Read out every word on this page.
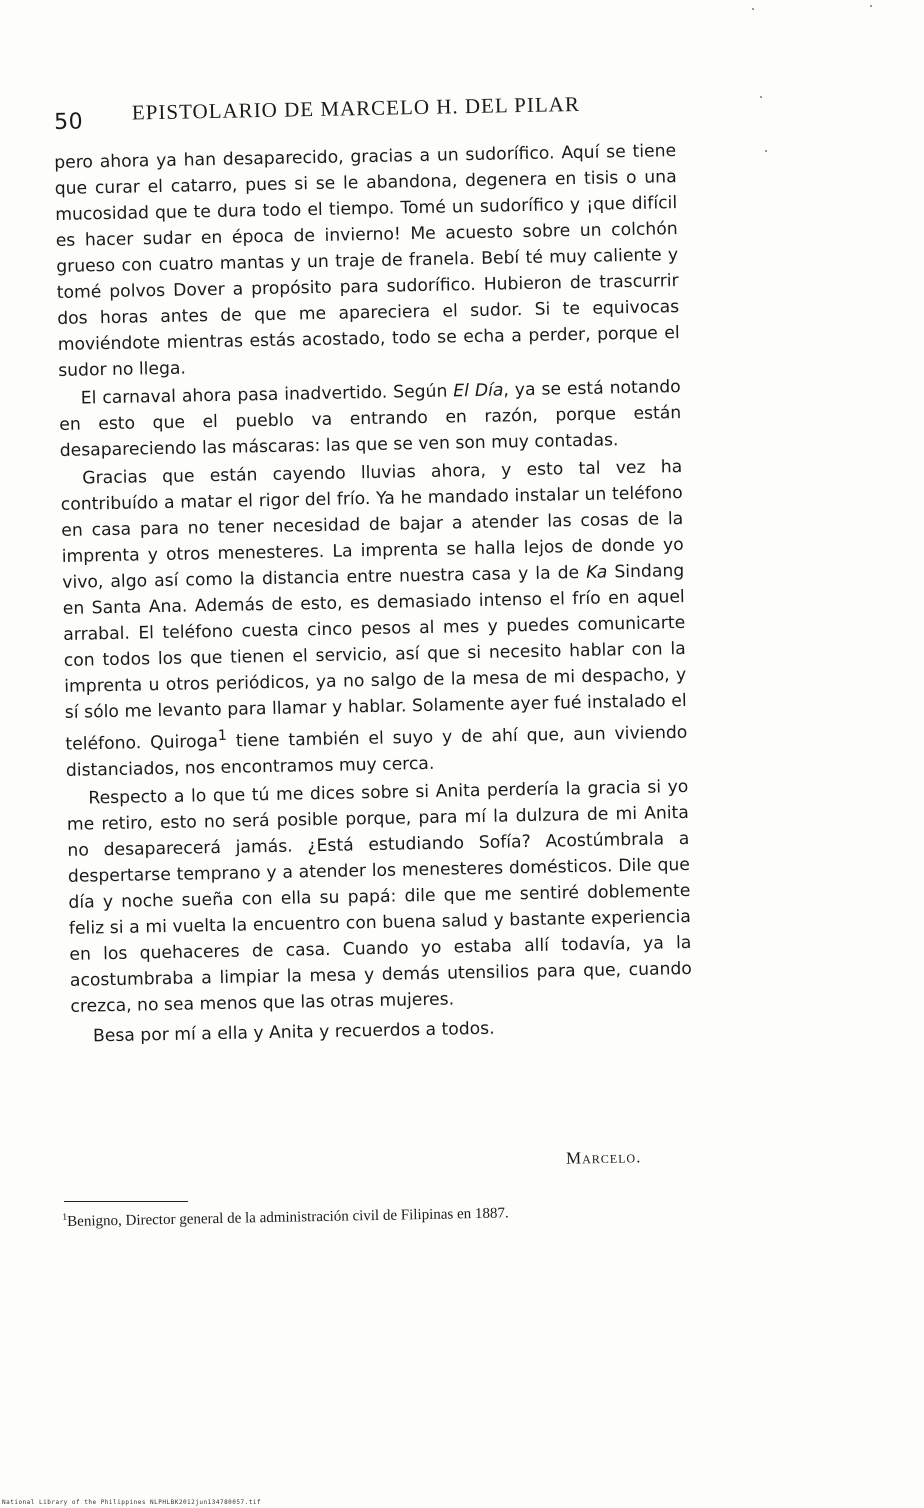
50 EPISTOLARIO DE MARCELO H. DEL PILAR

pero ahora ya han desaparecido, gracias a un sudorífico. Aquí se tiene que curar el catarro, pues si se le abandona, degenera en tisis o una mucosidad que te dura todo el tiempo. Tomé un sudorífico y ¡que difícil es hacer sudar en época de invierno! Me acuesto sobre un colchón grueso con cuatro mantas y un traje de franela. Bebí té muy caliente y tomé polvos Dover a propósito para sudorífico. Hubieron de trascurrir dos horas antes de que me apareciera el sudor. Si te equivocas moviéndote mientras estás acostado, todo se echa a perder, porque el sudor no llega.

El carnaval ahora pasa inadvertido. Según El Día, ya se está notando en esto que el pueblo va entrando en razón, porque están desapareciendo las máscaras: las que se ven son muy contadas.

Gracias que están cayendo lluvias ahora, y esto tal vez ha contribuído a matar el rigor del frío. Ya he mandado instalar un teléfono en casa para no tener necesidad de bajar a atender las cosas de la imprenta y otros menesteres. La imprenta se halla lejos de donde yo vivo, algo así como la distancia entre nuestra casa y la de Ka Sindang en Santa Ana. Además de esto, es demasiado intenso el frío en aquel arrabal. El teléfono cuesta cinco pesos al mes y puedes comunicarte con todos los que tienen el servicio, así que si necesito hablar con la imprenta u otros periódicos, ya no salgo de la mesa de mi despacho, y sí sólo me levanto para llamar y hablar. Solamente ayer fué instalado el teléfono. Quiroga$^1$ tiene también el suyo y de ahí que, aun viviendo distanciados, nos encontramos muy cerca.

Respecto a lo que tú me dices sobre si Anita perdería la gracia si yo me retiro, esto no será posible porque, para mí la dulzura de mi Anita no desaparecerá jamás. ¿Está estudiando Sofía? Acostúmbrala a despertarse temprano y a atender los menesteres domésticos. Dile que día y noche sueña con ella su papá: dile que me sentiré doblemente feliz si a mi vuelta la encuentro con buena salud y bastante experiencia en los quehaceres de casa. Cuando yo estaba allí todavía, ya la acostumbraba a limpiar la mesa y demás utensilios para que, cuando crezca, no sea menos que las otras mujeres.

Besa por mí a ella y Anita y recuerdos a todos.

Marcelo.
$^1$Benigno, Director general de la administración civil de Filipinas en 1887.
National Library of the Philippines NLPHLBK2012jun134780057.tif
